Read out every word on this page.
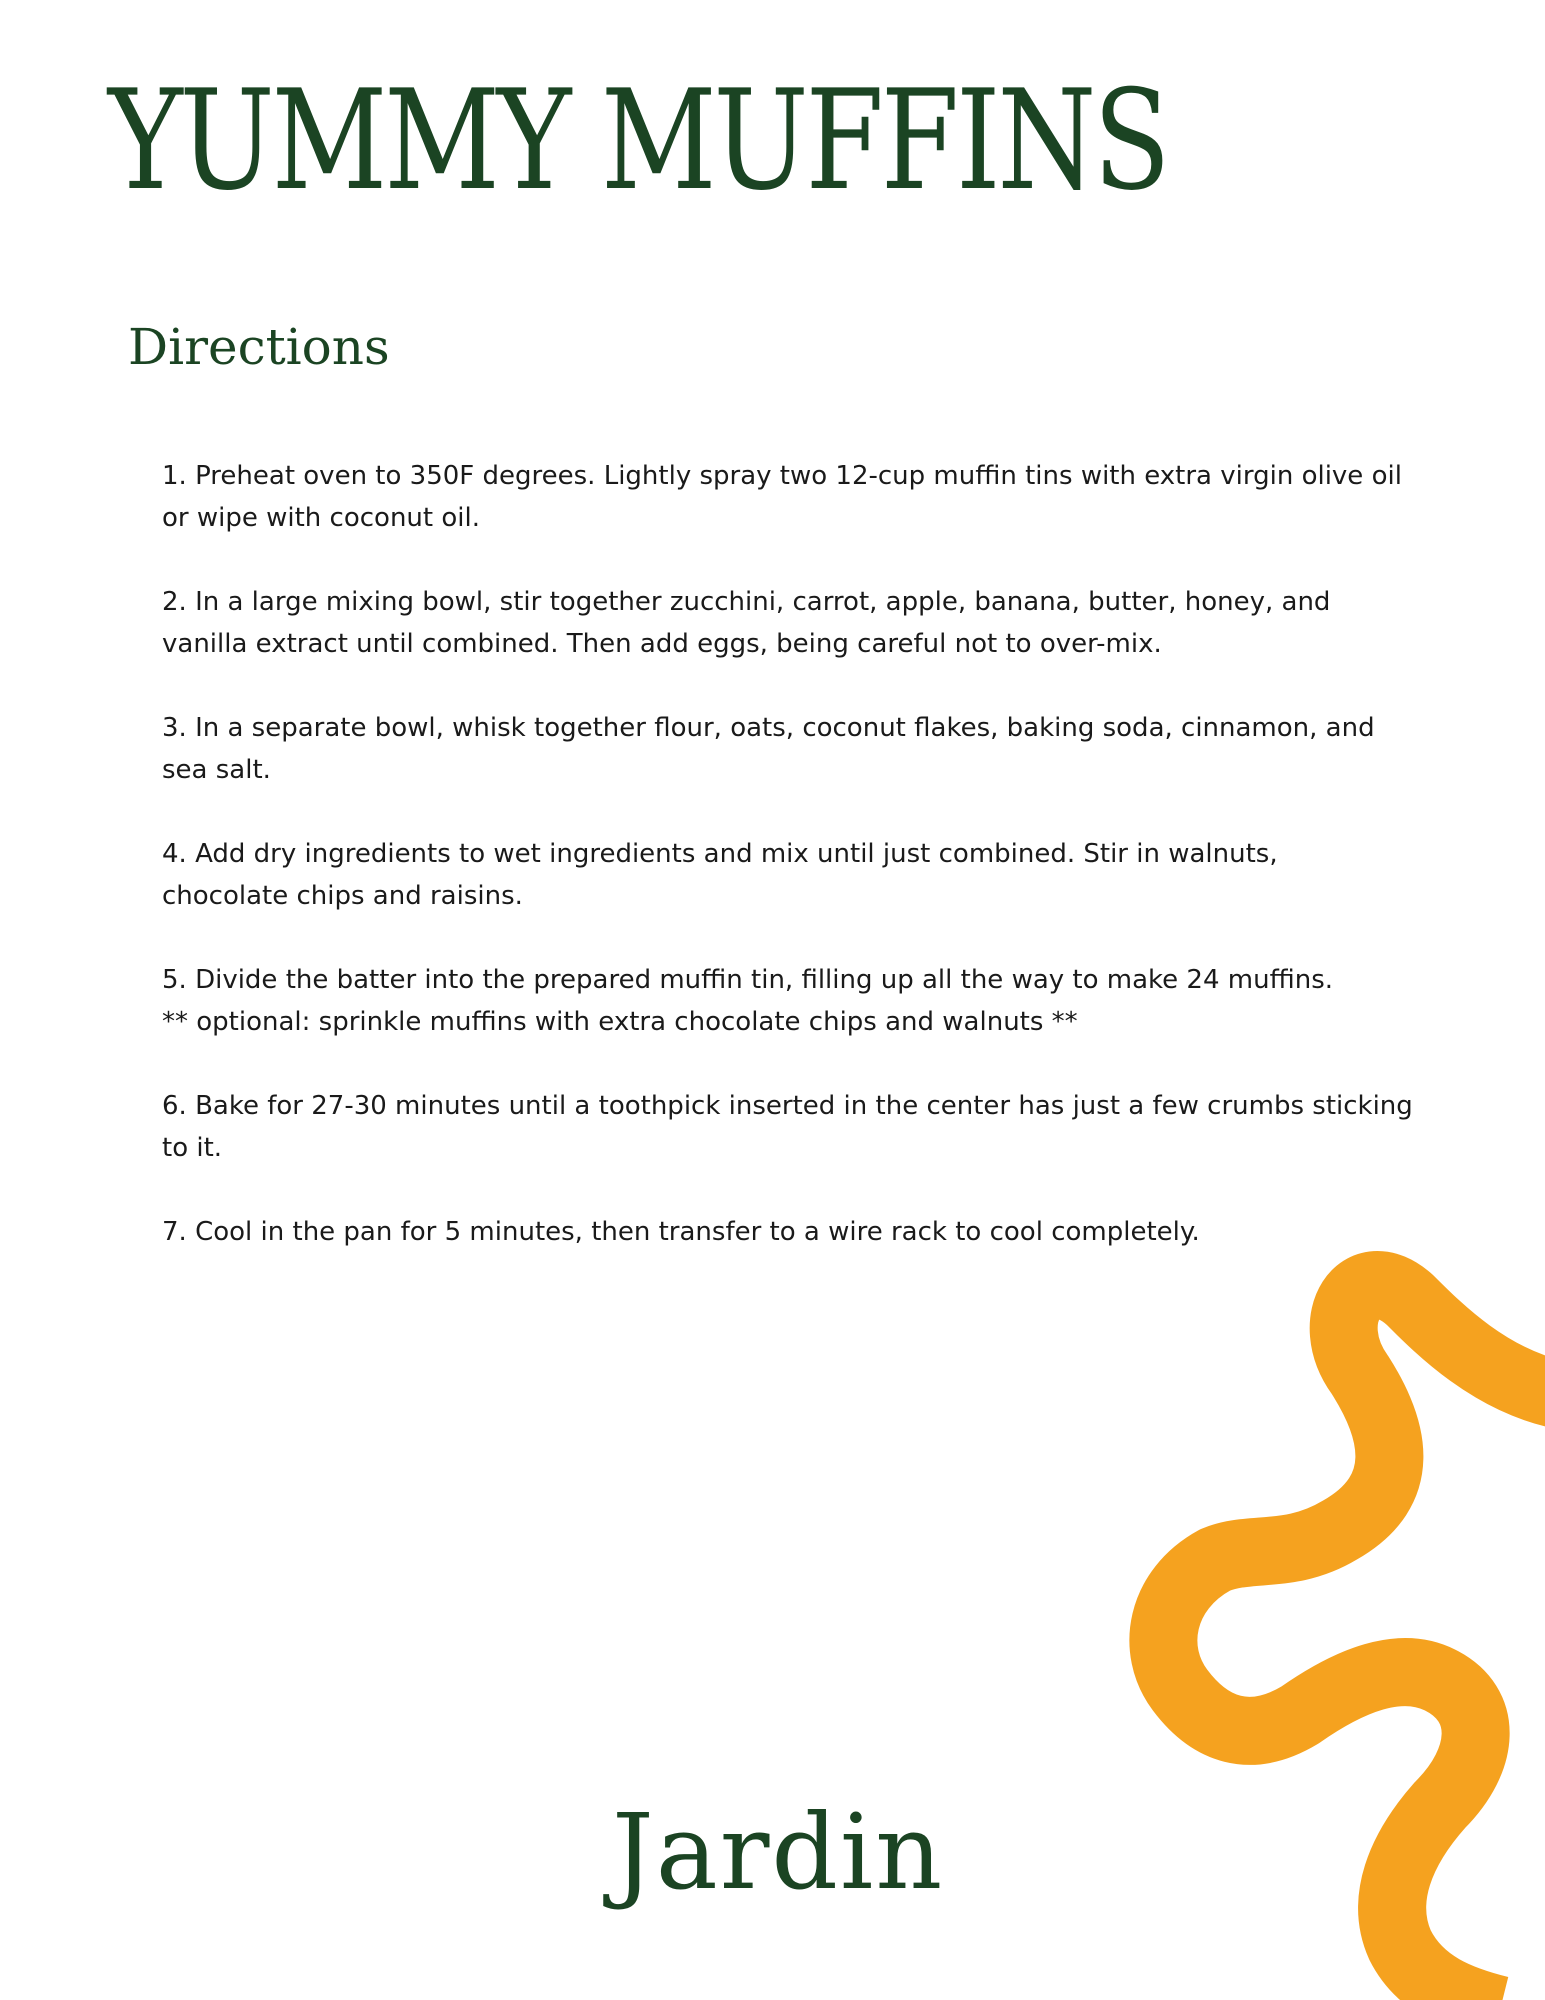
YUMMY MUFFINS
Directions
1. Preheat oven to 350F degrees. Lightly spray two 12-cup muffin tins with extra virgin olive oil
or wipe with coconut oil.
2. In a large mixing bowl, stir together zucchini, carrot, apple, banana, butter, honey, and
vanilla extract until combined. Then add eggs, being careful not to over-mix.
3. In a separate bowl, whisk together flour, oats, coconut flakes, baking soda, cinnamon, and
sea salt.
4. Add dry ingredients to wet ingredients and mix until just combined. Stir in walnuts,
chocolate chips and raisins.
5. Divide the batter into the prepared muffin tin, filling up all the way to make 24 muffins.
** optional: sprinkle muffins with extra chocolate chips and walnuts **
6. Bake for 27-30 minutes until a toothpick inserted in the center has just a few crumbs sticking
to it.
7. Cool in the pan for 5 minutes, then transfer to a wire rack to cool completely.
Jardin
